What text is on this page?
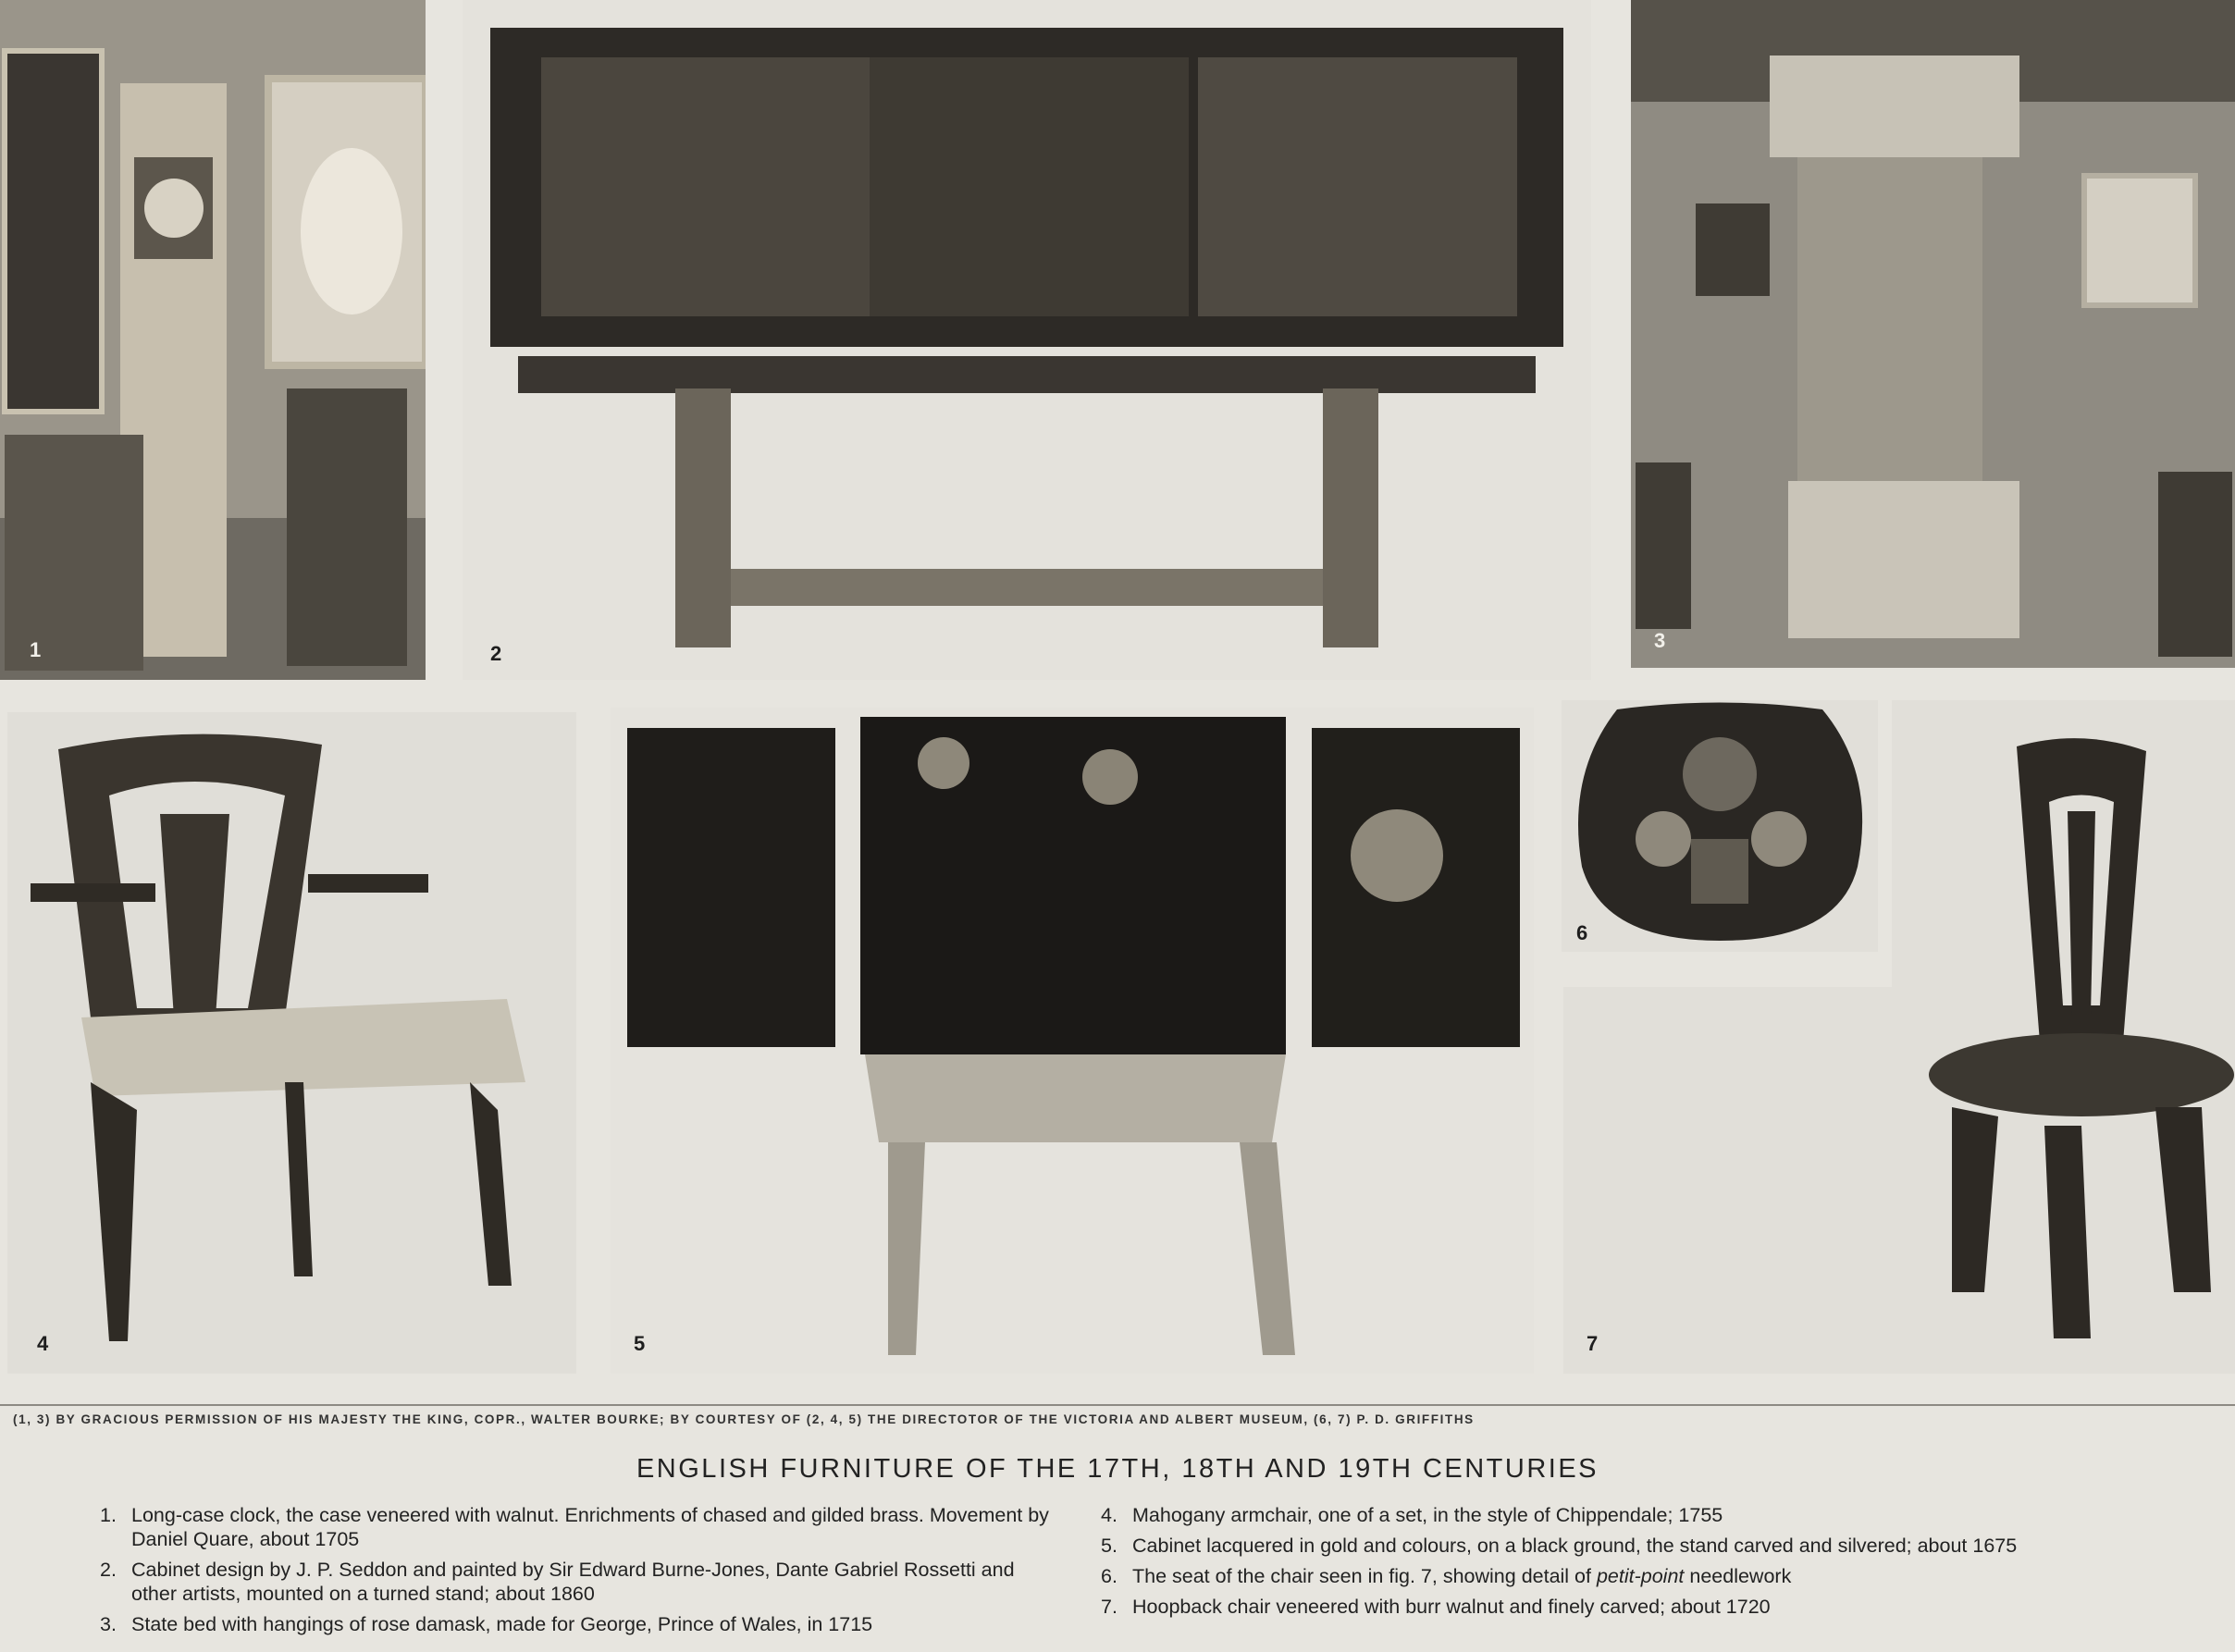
1	2
3
4	5
6
7
(1, 3) BY GRACIOUS PERMISSION OF HIS MAJESTY THE KING, COPR., WALTER BOURKE; BY COURTESY OF (2, 4, 5) THE DIRECTOTOR OF THE VICTORIA AND ALBERT MUSEUM, (6, 7) P. D. GRIFFITHS
ENGLISH FURNITURE OF THE 17TH, 18TH AND 19TH CENTURIES
1. Long-case clock, the case veneered with walnut. Enrichments of chased and gilded brass. Movement by Daniel Quare, about 1705
2. Cabinet design by J. P. Seddon and painted by Sir Edward Burne-Jones, Dante Gabriel Rossetti and other artists, mounted on a turned stand; about 1860
3. State bed with hangings of rose damask, made for George, Prince of Wales, in 1715
4. Mahogany armchair, one of a set, in the style of Chippendale; 1755
5. Cabinet lacquered in gold and colours, on a black ground, the stand carved and silvered; about 1675
6. The seat of the chair seen in fig. 7, showing detail of petit-point needlework
7. Hoopback chair veneered with burr walnut and finely carved; about 1720
